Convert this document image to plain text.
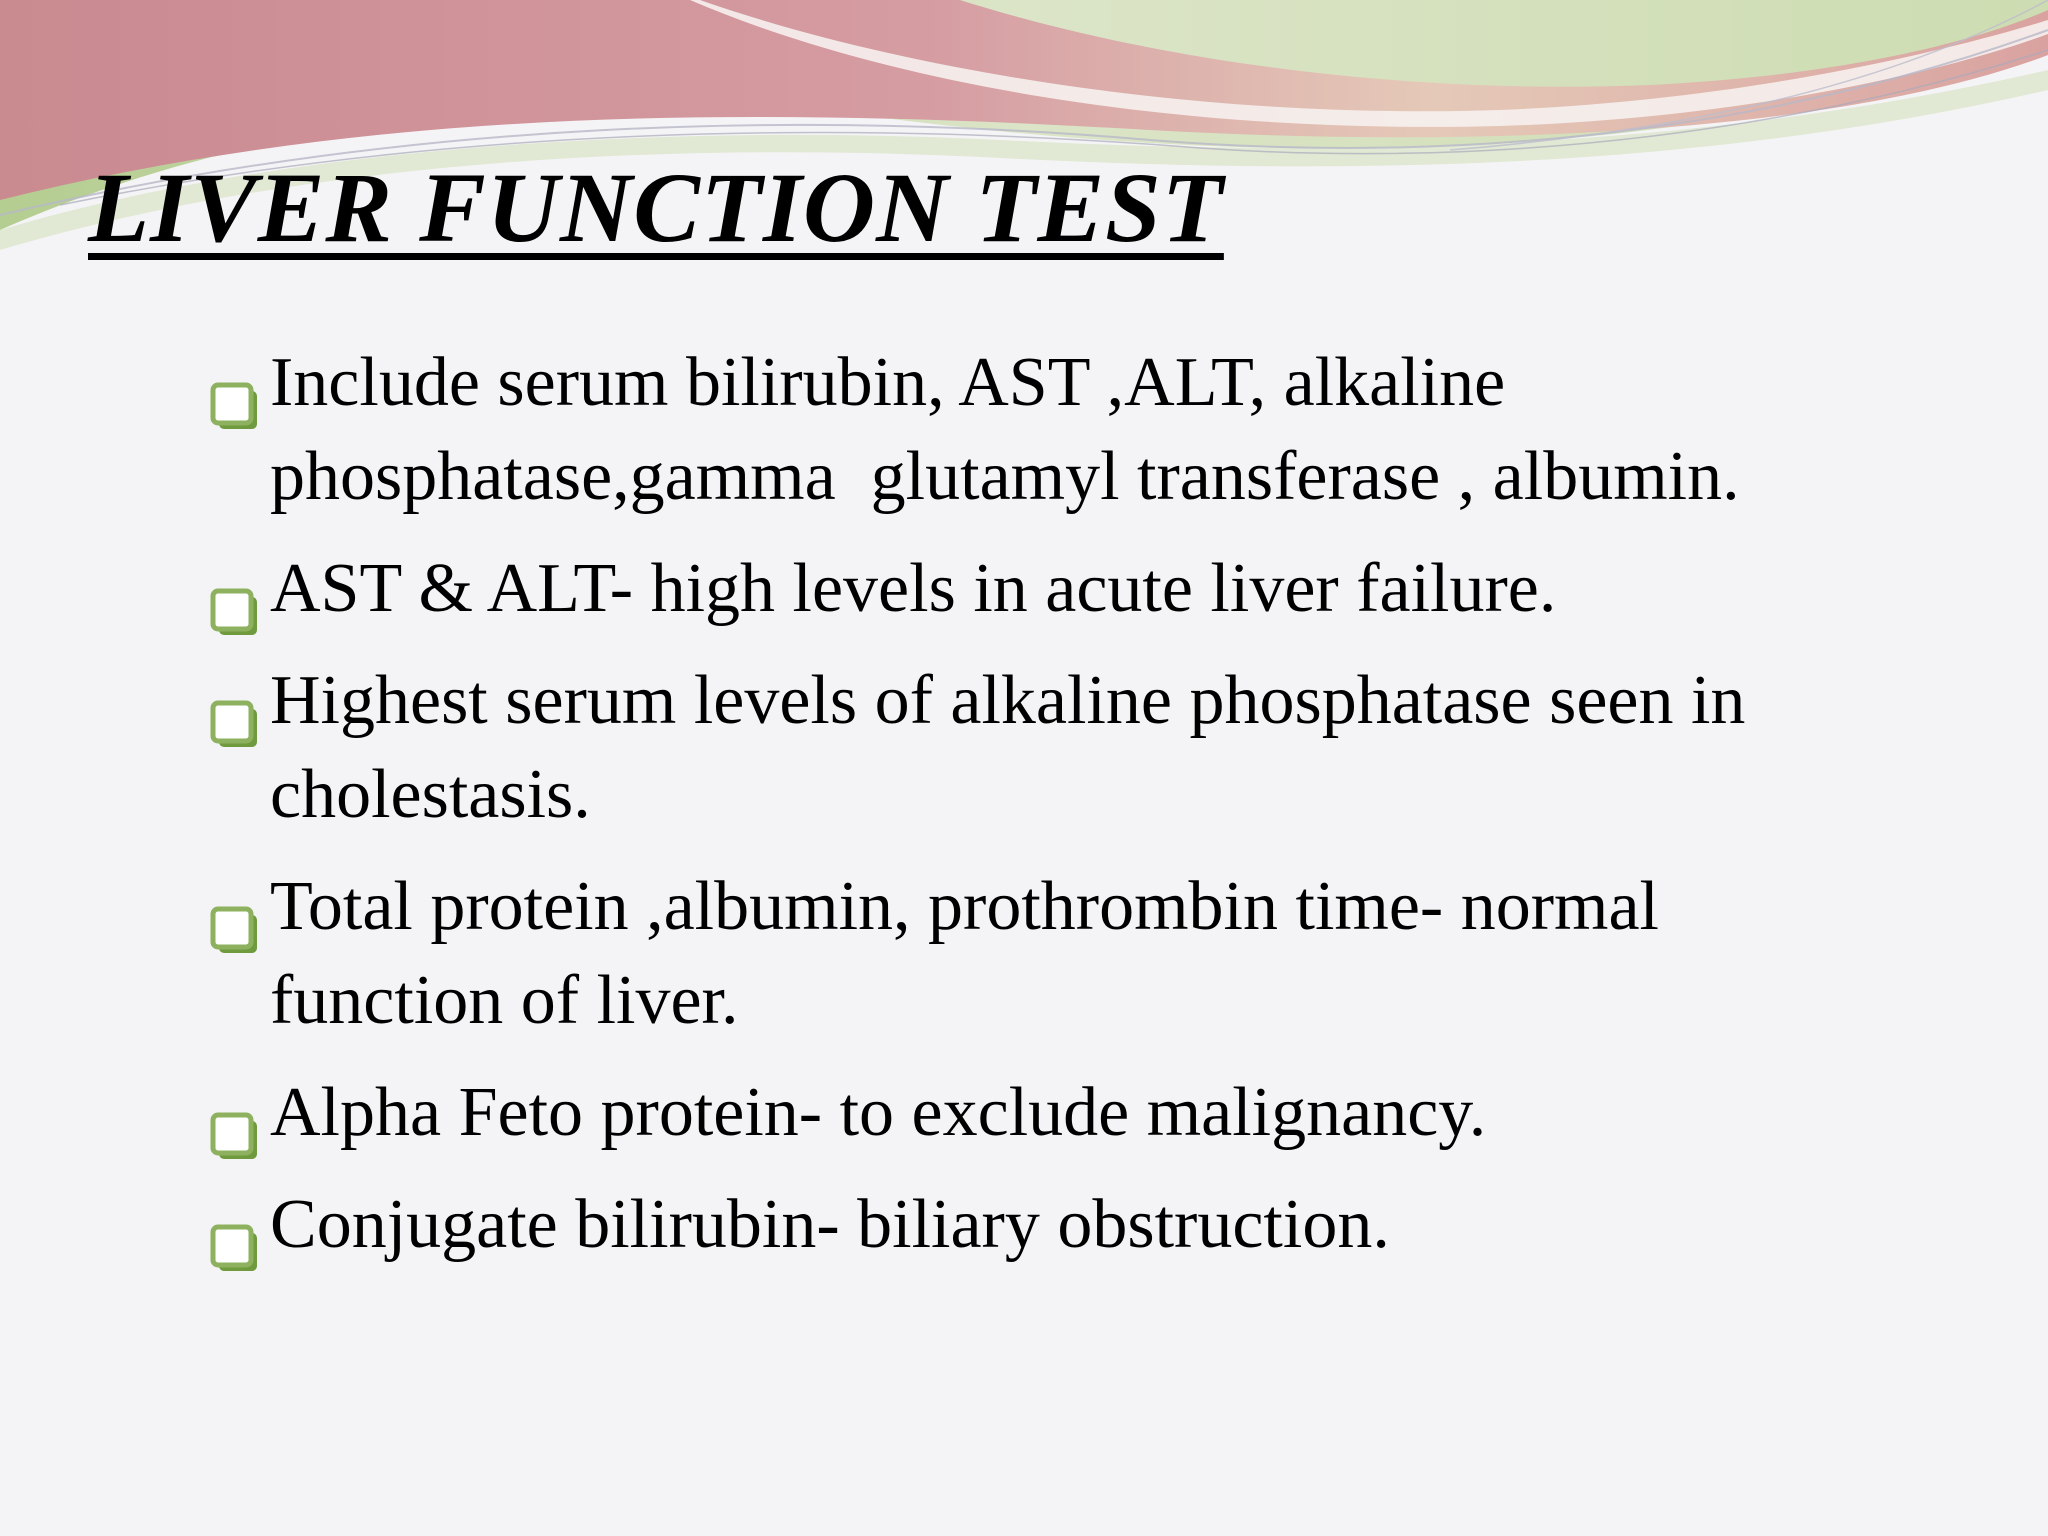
LIVER FUNCTION TEST
Include serum bilirubin, AST ,ALT, alkaline
phosphatase,gamma  glutamyl transferase , albumin.
AST & ALT- high levels in acute liver failure.
Highest serum levels of alkaline phosphatase seen in
cholestasis.
Total protein ,albumin, prothrombin time- normal
function of liver.
Alpha Feto protein- to exclude malignancy.
Conjugate bilirubin- biliary obstruction.
